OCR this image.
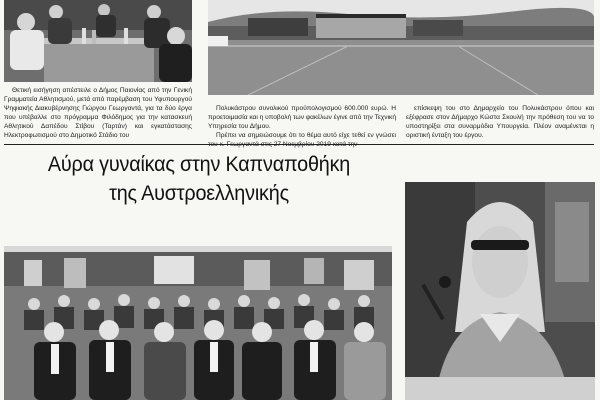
Θετική εισήγηση απέστειλε ο Δήμος Παιονίας από την Γενική Γραμματεία Αθλητισμού, μετά από παρέμβαση του Υφυπουργού Ψηφιακής Διακυβέρνησης Γιώργου Γεωργαντά, για τα δύο έργα που υπέβαλλε στο πρόγραμμα Φιλόδημος για την κατασκευή Αθλητικού Δαπέδου Στίβου (Ταρτάν) και εγκατάστασης Ηλεκτροφωτισμού στο Δημοτικό Στάδιο του

Πολυκάστρου συνολικού προϋπολογισμού 600.000 ευρώ. Η προετοιμασία και η υποβολή των φακέλων έγινε από την Τεχνική Υπηρεσία του Δήμου.

Πρέπει να σημειώσουμε ότι το θέμα αυτό είχε τεθεί εν γνώσει

επίσκεψη του στο Δημαρχείο του Πολυκάστρου όπου και εξέφρασε στον Δήμαρχο Κώστα Σκουλή την πρόθεση του να το υποστηρίξει στα συναρμόδια Υπουργεία. Πλέον αναμένεται η οριστική ένταξη του έργου.

Αύρα γυναίκας στην Καπναποθήκη
της Αυστροελληνικής
